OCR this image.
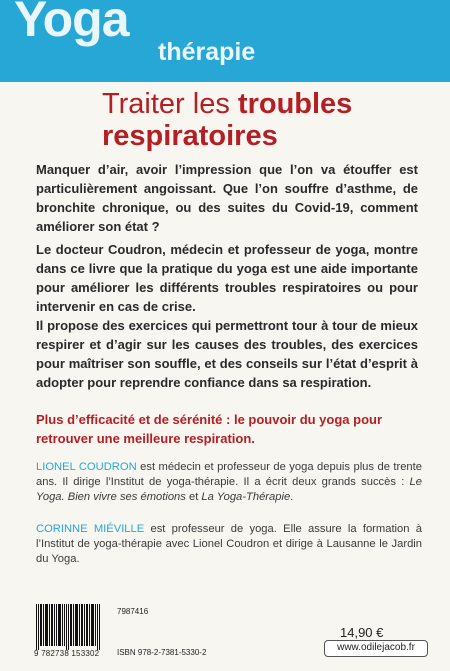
Yoga
thérapie
Traiter les troubles
respiratoires

Manquer d’air, avoir l’impression que l’on va étouffer est particulièrement angoissant. Que l’on souffre d’asthme, de bronchite chronique, ou des suites du Covid-19, comment améliorer son état ?

Le docteur Coudron, médecin et professeur de yoga, montre dans ce livre que la pratique du yoga est une aide importante pour améliorer les différents troubles respiratoires ou pour intervenir en cas de crise.

Il propose des exercices qui permettront tour à tour de mieux respirer et d’agir sur les causes des troubles, des exercices pour maîtriser son souffle, et des conseils sur l’état d’esprit à adopter pour reprendre confiance dans sa respiration.

Plus d’efficacité et de sérénité : le pouvoir du yoga pour retrouver une meilleure respiration.

LIONEL COUDRON est médecin et professeur de yoga depuis plus de trente ans. Il dirige l’Institut de yoga-thérapie. Il a écrit deux grands succès : Le Yoga. Bien vivre ses émotions et La Yoga-Thérapie.

CORINNE MIÉVILLE est professeur de yoga. Elle assure la formation à l’Institut de yoga-thérapie avec Lionel Coudron et dirige à Lausanne le Jardin du Yoga.

9 782738 153302
7987416
ISBN 978-2-7381-5330-2
14,90 €
www.odilejacob.fr
